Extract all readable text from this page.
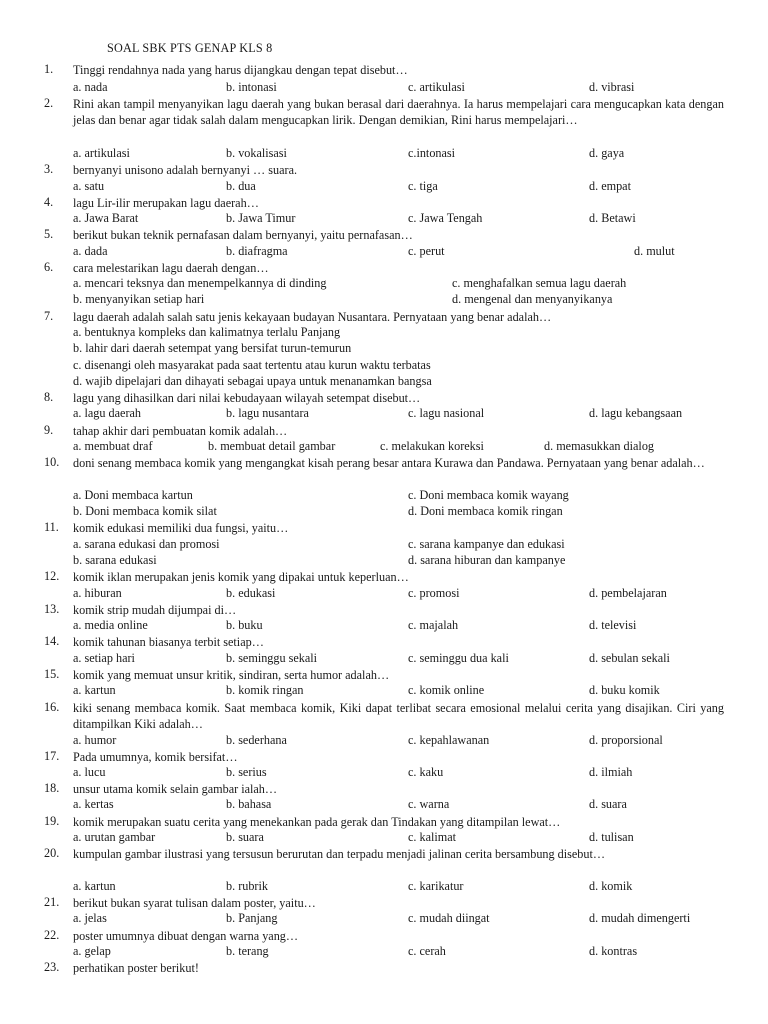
SOAL SBK PTS GENAP KLS 8
1.	Tinggi rendahnya nada yang harus dijangkau dengan tepat disebut…
a. nada	b. intonasi	c. artikulasi	d. vibrasi
2.	Rini akan tampil menyanyikan lagu daerah yang bukan berasal dari daerahnya. Ia harus mempelajari cara mengucapkan kata dengan jelas dan benar agar tidak salah dalam mengucapkan lirik. Dengan demikian, Rini harus mempelajari…
a. artikulasi	b. vokalisasi	c.intonasi	d. gaya
3.	bernyanyi unisono adalah bernyanyi … suara.
a. satu	b. dua	c. tiga	d. empat
4.	lagu Lir-ilir merupakan lagu daerah…
a. Jawa Barat	b. Jawa Timur	c. Jawa Tengah	d. Betawi
5.	berikut bukan teknik pernafasan dalam bernyanyi, yaitu pernafasan…
a. dada	b. diafragma	c. perut	d. mulut
6.	cara melestarikan lagu daerah dengan…
a. mencari teksnya dan menempelkannya di dinding	c. menghafalkan semua lagu daerah
b. menyanyikan setiap hari	d. mengenal dan menyanyikanya
7.	lagu daerah adalah salah satu jenis kekayaan budayan Nusantara. Pernyataan yang benar adalah…
a. bentuknya kompleks dan kalimatnya terlalu Panjang
b. lahir dari daerah setempat yang bersifat turun-temurun
c. disenangi oleh masyarakat pada saat tertentu atau kurun waktu terbatas
d. wajib dipelajari dan dihayati sebagai upaya untuk menanamkan bangsa
8.	lagu yang dihasilkan dari nilai kebudayaan wilayah setempat disebut…
a. lagu daerah	b. lagu nusantara	c. lagu nasional	d. lagu kebangsaan
9.	tahap akhir dari pembuatan komik adalah…
a. membuat draf	b. membuat detail gambar	c. melakukan koreksi	d. memasukkan dialog
10.	doni senang membaca komik yang mengangkat kisah perang besar antara Kurawa dan Pandawa. Pernyataan yang benar adalah…
a. Doni membaca kartun	c. Doni membaca komik wayang
b. Doni membaca komik silat	d. Doni membaca komik ringan
11.	komik edukasi memiliki dua fungsi, yaitu…
a. sarana edukasi dan promosi	c. sarana kampanye dan edukasi
b. sarana edukasi	d. sarana hiburan dan kampanye
12.	komik iklan merupakan jenis komik yang dipakai untuk keperluan…
a. hiburan	b. edukasi	c. promosi	d. pembelajaran
13.	komik strip mudah dijumpai di…
a. media online	b. buku	c. majalah	d. televisi
14.	komik tahunan biasanya terbit setiap…
a. setiap hari	b. seminggu sekali	c. seminggu dua kali	d. sebulan sekali
15.	komik yang memuat unsur kritik, sindiran, serta humor adalah…
a. kartun	b. komik ringan	c. komik online	d. buku komik
16.	kiki senang membaca komik. Saat membaca komik, Kiki dapat terlibat secara emosional melalui cerita yang disajikan. Ciri yang ditampilkan Kiki adalah…
a. humor	b. sederhana	c. kepahlawanan	d. proporsional
17.	Pada umumnya, komik bersifat…
a. lucu	b. serius	c. kaku	d. ilmiah
18.	unsur utama komik selain gambar ialah…
a. kertas	b. bahasa	c. warna	d. suara
19.	komik merupakan suatu cerita yang menekankan pada gerak dan Tindakan yang ditampilan lewat…
a. urutan gambar	b. suara	c. kalimat	d. tulisan
20.	kumpulan gambar ilustrasi yang tersusun berurutan dan terpadu menjadi jalinan cerita bersambung disebut…
a. kartun	b. rubrik	c. karikatur	d. komik
21.	berikut bukan syarat tulisan dalam poster, yaitu…
a. jelas	b. Panjang	c. mudah diingat	d. mudah dimengerti
22.	poster umumnya dibuat dengan warna yang…
a. gelap	b. terang	c. cerah	d. kontras
23.	perhatikan poster berikut!
